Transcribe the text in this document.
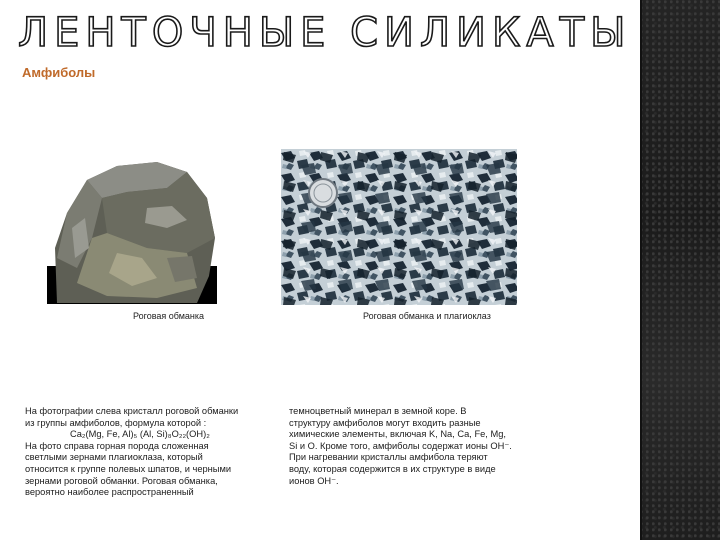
ЛЕНТОЧНЫЕ СИЛИКАТЫ
Амфиболы
Роговая обманка	Роговая обманка и плагиоклаз
На фотографии слева кристалл роговой обманки
из группы амфиболов, формула которой :
Ca₂(Mg, Fe, Al)₅ (Al, Si)₈O₂₂(OH)₂
На фото справа горная порода сложенная
светлыми зернами плагиоклаза, который
относится к группе полевых шпатов, и черными
зернами роговой обманки. Роговая обманка,
вероятно наиболее распространенный
темноцветный минерал в земной коре. В
структуру амфиболов могут входить разные
химические элементы, включая K, Na, Ca, Fe, Mg,
Si и O. Кроме того, амфиболы содержат ионы OH⁻.
При нагревании кристаллы амфибола теряют
воду, которая содержится в их структуре в виде
ионов OH⁻.
